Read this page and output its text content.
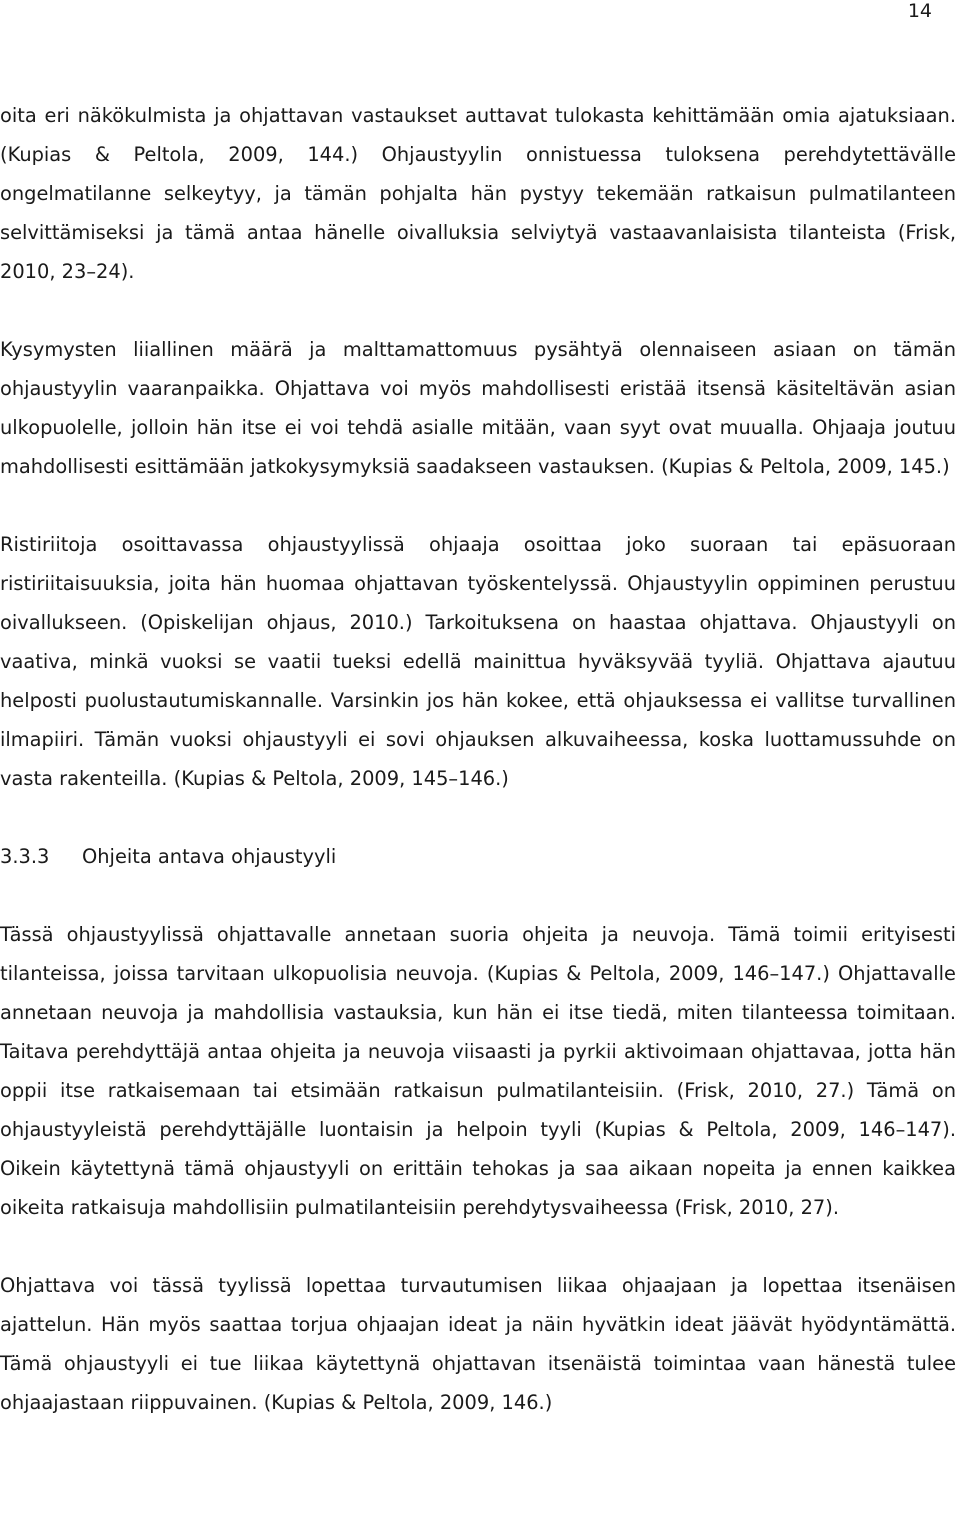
14

oita eri näkökulmista ja ohjattavan vastaukset auttavat tulokasta kehittämään omia ajatuksiaan. (Kupias & Peltola, 2009, 144.) Ohjaustyylin onnistuessa tuloksena perehdytettävälle ongelmatilanne selkeytyy, ja tämän pohjalta hän pystyy tekemään ratkaisun pulmatilanteen selvittämiseksi ja tämä antaa hänelle oivalluksia selviytyä vastaavanlaisista tilanteista (Frisk, 2010, 23–24).

Kysymysten liiallinen määrä ja malttamattomuus pysähtyä olennaiseen asiaan on tämän ohjaustyylin vaaranpaikka. Ohjattava voi myös mahdollisesti eristää itsensä käsiteltävän asian ulkopuolelle, jolloin hän itse ei voi tehdä asialle mitään, vaan syyt ovat muualla. Ohjaaja joutuu mahdollisesti esittämään jatkokysymyksiä saadakseen vastauksen. (Kupias & Peltola, 2009, 145.)

Ristiriitoja osoittavassa ohjaustyylissä ohjaaja osoittaa joko suoraan tai epäsuoraan ristiriitaisuuksia, joita hän huomaa ohjattavan työskentelyssä. Ohjaustyylin oppiminen perustuu oivallukseen. (Opiskelijan ohjaus, 2010.) Tarkoituksena on haastaa ohjattava. Ohjaustyyli on vaativa, minkä vuoksi se vaatii tueksi edellä mainittua hyväksyvää tyyliä. Ohjattava ajautuu helposti puolustautumiskannalle. Varsinkin jos hän kokee, että ohjauksessa ei vallitse turvallinen ilmapiiri. Tämän vuoksi ohjaustyyli ei sovi ohjauksen alkuvaiheessa, koska luottamussuhde on vasta rakenteilla. (Kupias & Peltola, 2009, 145–146.)

3.3.3	Ohjeita antava ohjaustyyli

Tässä ohjaustyylissä ohjattavalle annetaan suoria ohjeita ja neuvoja. Tämä toimii erityisesti tilanteissa, joissa tarvitaan ulkopuolisia neuvoja. (Kupias & Peltola, 2009, 146–147.) Ohjattavalle annetaan neuvoja ja mahdollisia vastauksia, kun hän ei itse tiedä, miten tilanteessa toimitaan. Taitava perehdyttäjä antaa ohjeita ja neuvoja viisaasti ja pyrkii aktivoimaan ohjattavaa, jotta hän oppii itse ratkaisemaan tai etsimään ratkaisun pulmatilanteisiin. (Frisk, 2010, 27.) Tämä on ohjaustyyleistä perehdyttäjälle luontaisin ja helpoin tyyli (Kupias & Peltola, 2009, 146–147). Oikein käytettynä tämä ohjaustyyli on erittäin tehokas ja saa aikaan nopeita ja ennen kaikkea oikeita ratkaisuja mahdollisiin pulmatilanteisiin perehdytysvaiheessa (Frisk, 2010, 27).

Ohjattava voi tässä tyylissä lopettaa turvautumisen liikaa ohjaajaan ja lopettaa itsenäisen ajattelun. Hän myös saattaa torjua ohjaajan ideat ja näin hyvätkin ideat jäävät hyödyntämättä. Tämä ohjaustyyli ei tue liikaa käytettynä ohjattavan itsenäistä toimintaa vaan hänestä tulee ohjaajastaan riippuvainen. (Kupias & Peltola, 2009, 146.)
